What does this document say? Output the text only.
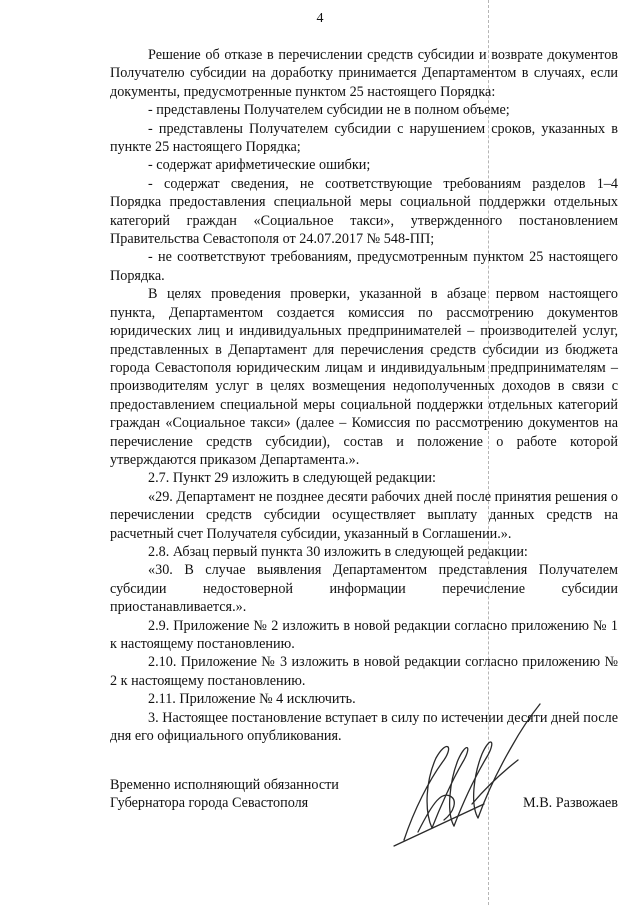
4

Решение об отказе в перечислении средств субсидии и возврате документов Получателю субсидии на доработку принимается Департаментом в случаях, если документы, предусмотренные пунктом 25 настоящего Порядка:

- представлены Получателем субсидии не в полном объеме;

- представлены Получателем субсидии с нарушением сроков, указанных в пункте 25 настоящего Порядка;

- содержат арифметические ошибки;

- содержат сведения, не соответствующие требованиям разделов 1–4 Порядка предоставления специальной меры социальной поддержки отдельных категорий граждан «Социальное такси», утвержденного постановлением Правительства Севастополя от 24.07.2017 № 548-ПП;

- не соответствуют требованиям, предусмотренным пунктом 25 настоящего Порядка.

В целях проведения проверки, указанной в абзаце первом настоящего пункта, Департаментом создается комиссия по рассмотрению документов юридических лиц и индивидуальных предпринимателей – производителей услуг, представленных в Департамент для перечисления средств субсидии из бюджета города Севастополя юридическим лицам и индивидуальным предпринимателям – производителям услуг в целях возмещения недополученных доходов в связи с предоставлением специальной меры социальной поддержки отдельных категорий граждан «Социальное такси» (далее – Комиссия по рассмотрению документов на перечисление средств субсидии), состав и положение о работе которой утверждаются приказом Департамента.».

2.7. Пункт 29 изложить в следующей редакции:

«29. Департамент не позднее десяти рабочих дней после принятия решения о перечислении средств субсидии осуществляет выплату данных средств на расчетный счет Получателя субсидии, указанный в Соглашении.».

2.8. Абзац первый пункта 30 изложить в следующей редакции:

«30. В случае выявления Департаментом представления Получателем субсидии недостоверной информации перечисление субсидии приостанавливается.».

2.9. Приложение № 2 изложить в новой редакции согласно приложению № 1 к настоящему постановлению.

2.10. Приложение № 3 изложить в новой редакции согласно приложению № 2 к настоящему постановлению.

2.11. Приложение № 4 исключить.

3. Настоящее постановление вступает в силу по истечении десяти дней после дня его официального опубликования.

Временно исполняющий обязанности
Губернатора города Севастополя	М.В. Развожаев
